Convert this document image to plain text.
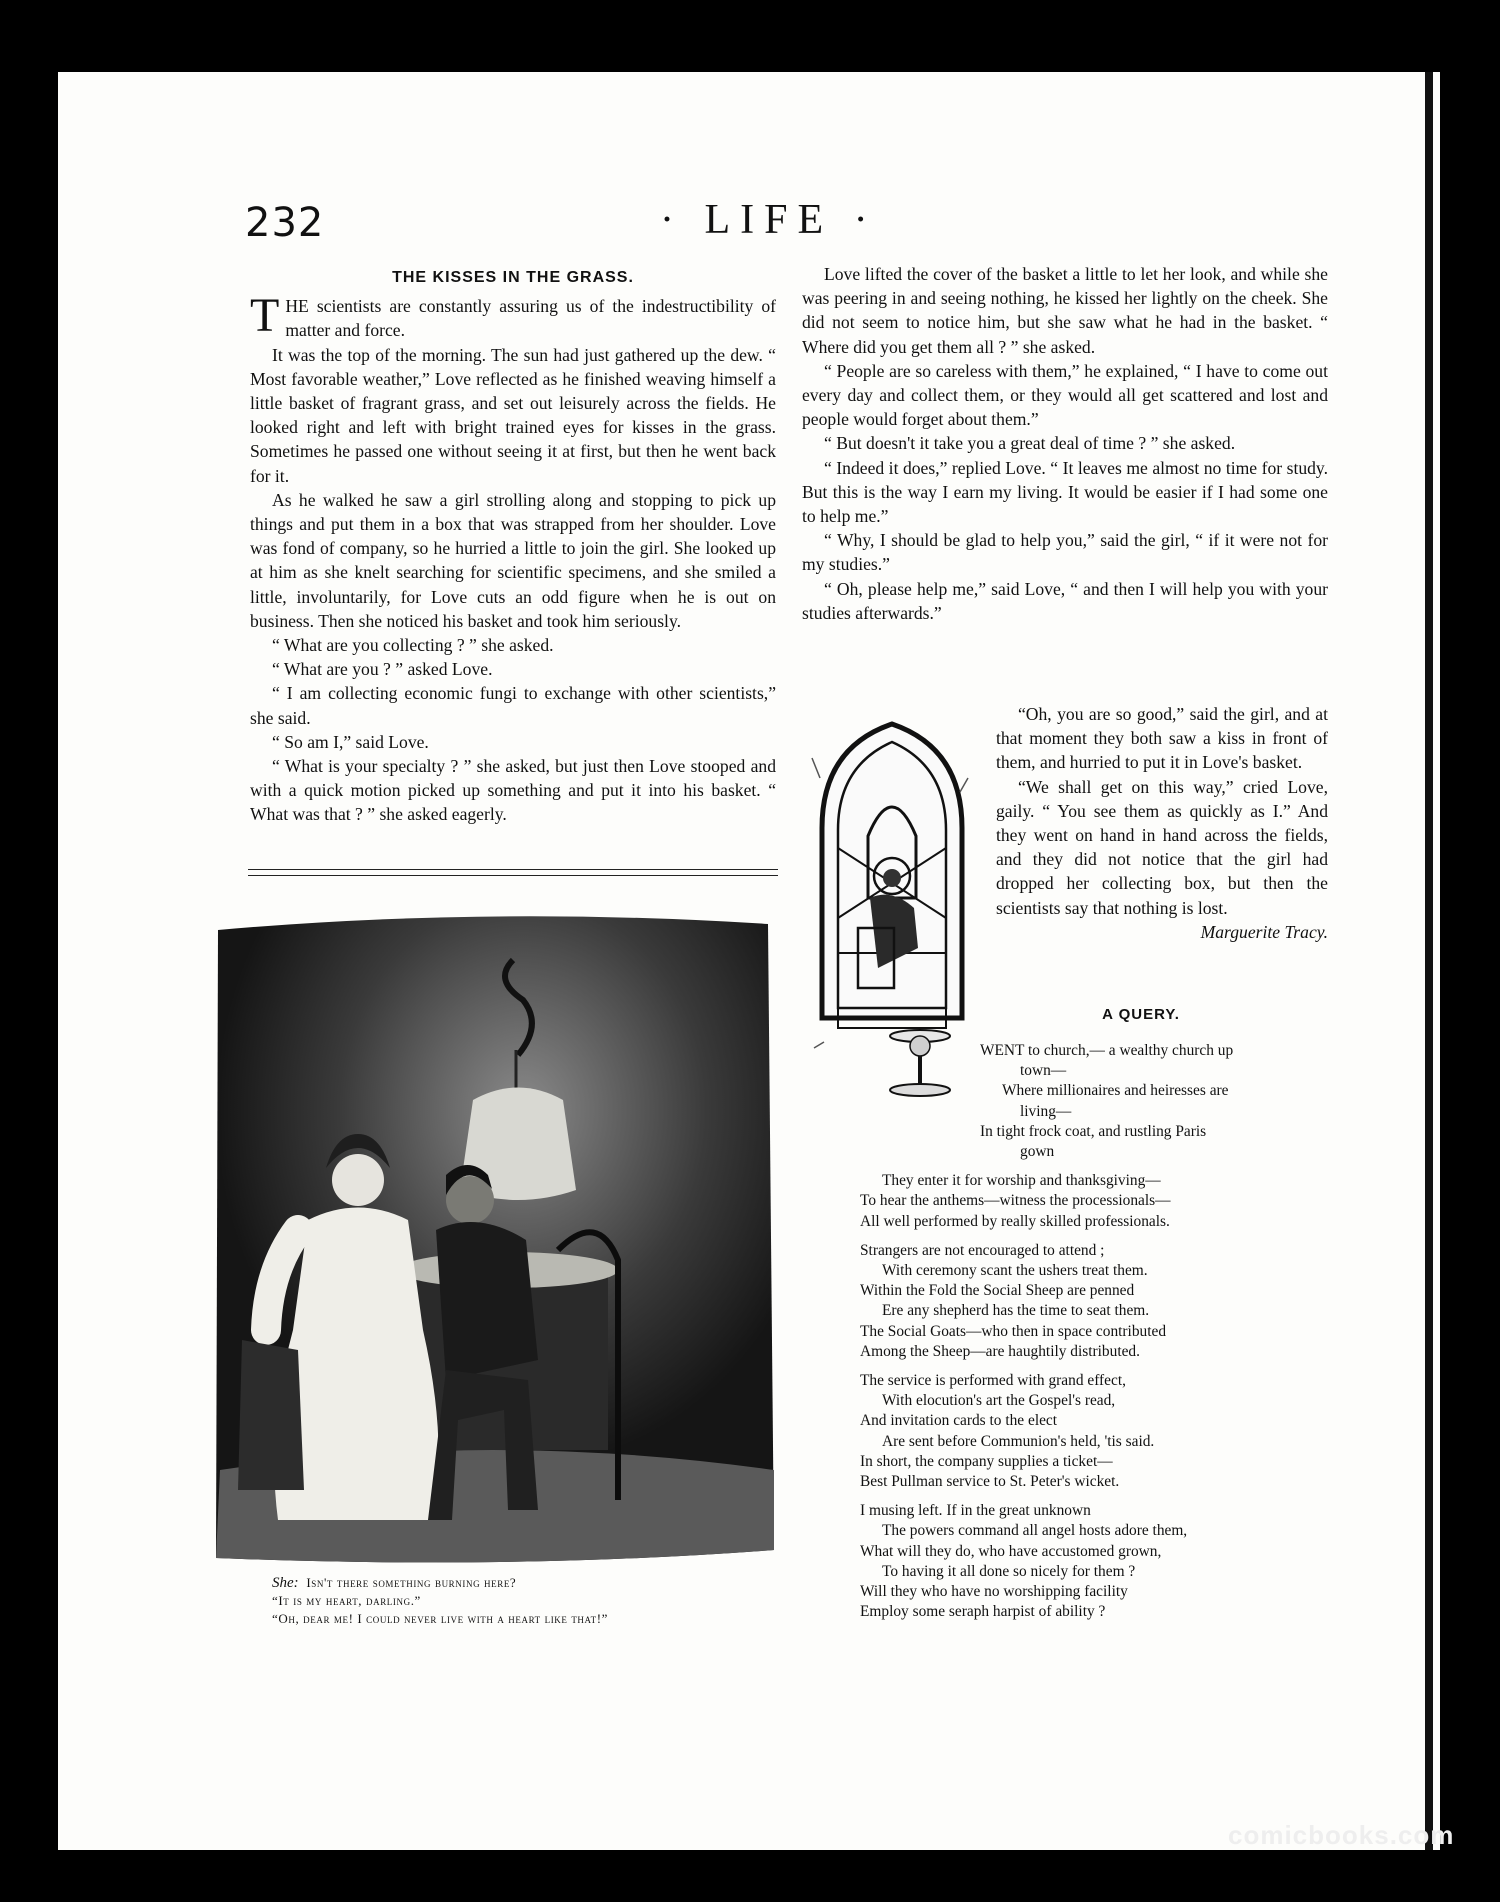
232	· LIFE ·
THE KISSES IN THE GRASS.

THE scientists are constantly assuring us of the indestructibility of matter and force.

It was the top of the morning. The sun had just gathered up the dew. “ Most favorable weather,” Love reflected as he finished weaving himself a little basket of fragrant grass, and set out leisurely across the fields. He looked right and left with bright trained eyes for kisses in the grass. Sometimes he passed one without seeing it at first, but then he went back for it.

As he walked he saw a girl strolling along and stopping to pick up things and put them in a box that was strapped from her shoulder. Love was fond of company, so he hurried a little to join the girl. She looked up at him as she knelt searching for scientific specimens, and she smiled a little, involuntarily, for Love cuts an odd figure when he is out on business. Then she noticed his basket and took him seriously.

“ What are you collecting ? ” she asked.

“ What are you ? ” asked Love.

“ I am collecting economic fungi to exchange with other scientists,” she said.

“ So am I,” said Love.

“ What is your specialty ? ” she asked, but just then Love stooped and with a quick motion picked up something and put it into his basket. “ What was that ? ” she asked eagerly.

Love lifted the cover of the basket a little to let her look, and while she was peering in and seeing nothing, he kissed her lightly on the cheek. She did not seem to notice him, but she saw what he had in the basket. “ Where did you get them all ? ” she asked.

“ People are so careless with them,” he explained, “ I have to come out every day and collect them, or they would all get scattered and lost and people would forget about them.”

“ But doesn't it take you a great deal of time ? ” she asked.

“ Indeed it does,” replied Love. “ It leaves me almost no time for study. But this is the way I earn my living. It would be easier if I had some one to help me.”

“ Why, I should be glad to help you,” said the girl, “ if it were not for my studies.”

“ Oh, please help me,” said Love, “ and then I will help you with your studies afterwards.”

“Oh, you are so good,” said the girl, and at that moment they both saw a kiss in front of them, and hurried to put it in Love's basket.

“We shall get on this way,” cried Love, gaily. “ You see them as quickly as I.” And they went on hand in hand across the fields, and they did not notice that the girl had dropped her collecting box, but then the scientists say that nothing is lost.

Marguerite Tracy.
She: Isn't there something burning here?
“It is my heart, darling.”
“Oh, dear me! I could never live with a heart like that!”
A QUERY.
WENT to church,— a wealthy church up
town—
Where millionaires and heiresses are
living—
In tight frock coat, and rustling Paris
gown
They enter it for worship and thanksgiving—
To hear the anthems—witness the processionals—
All well performed by really skilled professionals.
Strangers are not encouraged to attend ;
With ceremony scant the ushers treat them.
Within the Fold the Social Sheep are penned
Ere any shepherd has the time to seat them.
The Social Goats—who then in space contributed
Among the Sheep—are haughtily distributed.
The service is performed with grand effect,
With elocution's art the Gospel's read,
And invitation cards to the elect
Are sent before Communion's held, 'tis said.
In short, the company supplies a ticket—
Best Pullman service to St. Peter's wicket.
I musing left. If in the great unknown
The powers command all angel hosts adore them,
What will they do, who have accustomed grown,
To having it all done so nicely for them ?
Will they who have no worshipping facility
Employ some seraph harpist of ability ?
comicbooks.com
